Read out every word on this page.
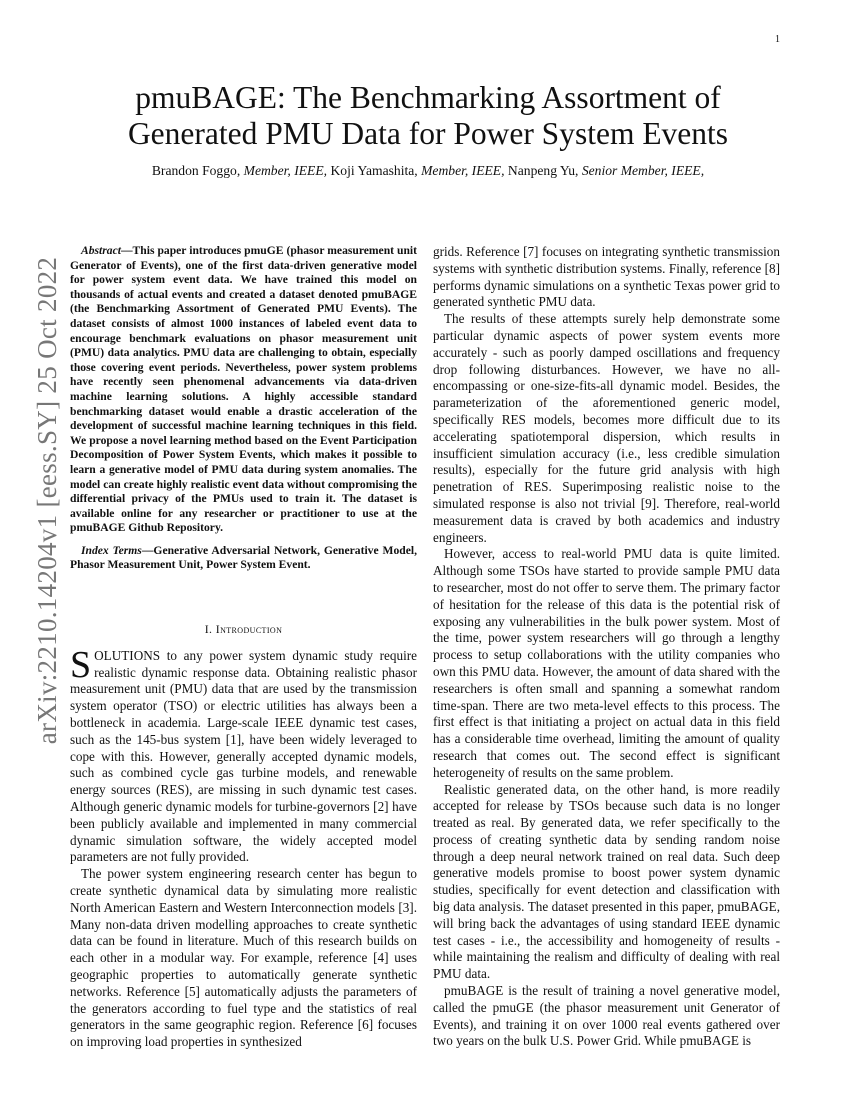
1
arXiv:2210.14204v1 [eess.SY] 25 Oct 2022
pmuBAGE: The Benchmarking Assortment of
Generated PMU Data for Power System Events
Brandon Foggo, Member, IEEE, Koji Yamashita, Member, IEEE, Nanpeng Yu, Senior Member, IEEE,

Abstract—This paper introduces pmuGE (phasor measurement unit Generator of Events), one of the first data-driven generative model for power system event data. We have trained this model on thousands of actual events and created a dataset denoted pmuBAGE (the Benchmarking Assortment of Generated PMU Events). The dataset consists of almost 1000 instances of labeled event data to encourage benchmark evaluations on phasor measurement unit (PMU) data analytics. PMU data are challenging to obtain, especially those covering event periods. Nevertheless, power system problems have recently seen phenomenal advancements via data-driven machine learning solutions. A highly accessible standard benchmarking dataset would enable a drastic acceleration of the development of successful machine learning techniques in this field. We propose a novel learning method based on the Event Participation Decomposition of Power System Events, which makes it possible to learn a generative model of PMU data during system anomalies. The model can create highly realistic event data without compromising the differential privacy of the PMUs used to train it. The dataset is available online for any researcher or practitioner to use at the pmuBAGE Github Repository.

Index Terms—Generative Adversarial Network, Generative Model, Phasor Measurement Unit, Power System Event.

I. Introduction

SOLUTIONS to any power system dynamic study require realistic dynamic response data. Obtaining realistic phasor measurement unit (PMU) data that are used by the transmission system operator (TSO) or electric utilities has always been a bottleneck in academia. Large-scale IEEE dynamic test cases, such as the 145-bus system [1], have been widely leveraged to cope with this. However, generally accepted dynamic models, such as combined cycle gas turbine models, and renewable energy sources (RES), are missing in such dynamic test cases. Although generic dynamic models for turbine-governors [2] have been publicly available and implemented in many commercial dynamic simulation software, the widely accepted model parameters are not fully provided.

The power system engineering research center has begun to create synthetic dynamical data by simulating more realistic North American Eastern and Western Interconnection models [3]. Many non-data driven modelling approaches to create synthetic data can be found in literature. Much of this research builds on each other in a modular way. For example, reference [4] uses geographic properties to automatically generate synthetic networks. Reference [5] automatically adjusts the parameters of the generators according to fuel type and the statistics of real generators in the same geographic region. Reference [6] focuses on improving load properties in synthesized

grids. Reference [7] focuses on integrating synthetic transmission systems with synthetic distribution systems. Finally, reference [8] performs dynamic simulations on a synthetic Texas power grid to generated synthetic PMU data.

The results of these attempts surely help demonstrate some particular dynamic aspects of power system events more accurately - such as poorly damped oscillations and frequency drop following disturbances. However, we have no all-encompassing or one-size-fits-all dynamic model. Besides, the parameterization of the aforementioned generic model, specifically RES models, becomes more difficult due to its accelerating spatiotemporal dispersion, which results in insufficient simulation accuracy (i.e., less credible simulation results), especially for the future grid analysis with high penetration of RES. Superimposing realistic noise to the simulated response is also not trivial [9]. Therefore, real-world measurement data is craved by both academics and industry engineers.

However, access to real-world PMU data is quite limited. Although some TSOs have started to provide sample PMU data to researcher, most do not offer to serve them. The primary factor of hesitation for the release of this data is the potential risk of exposing any vulnerabilities in the bulk power system. Most of the time, power system researchers will go through a lengthy process to setup collaborations with the utility companies who own this PMU data. However, the amount of data shared with the researchers is often small and spanning a somewhat random time-span. There are two meta-level effects to this process. The first effect is that initiating a project on actual data in this field has a considerable time overhead, limiting the amount of quality research that comes out. The second effect is significant heterogeneity of results on the same problem.

Realistic generated data, on the other hand, is more readily accepted for release by TSOs because such data is no longer treated as real. By generated data, we refer specifically to the process of creating synthetic data by sending random noise through a deep neural network trained on real data. Such deep generative models promise to boost power system dynamic studies, specifically for event detection and classification with big data analysis. The dataset presented in this paper, pmuBAGE, will bring back the advantages of using standard IEEE dynamic test cases - i.e., the accessibility and homogeneity of results - while maintaining the realism and difficulty of dealing with real PMU data.

pmuBAGE is the result of training a novel generative model, called the pmuGE (the phasor measurement unit Generator of Events), and training it on over 1000 real events gathered over two years on the bulk U.S. Power Grid. While pmuBAGE is
